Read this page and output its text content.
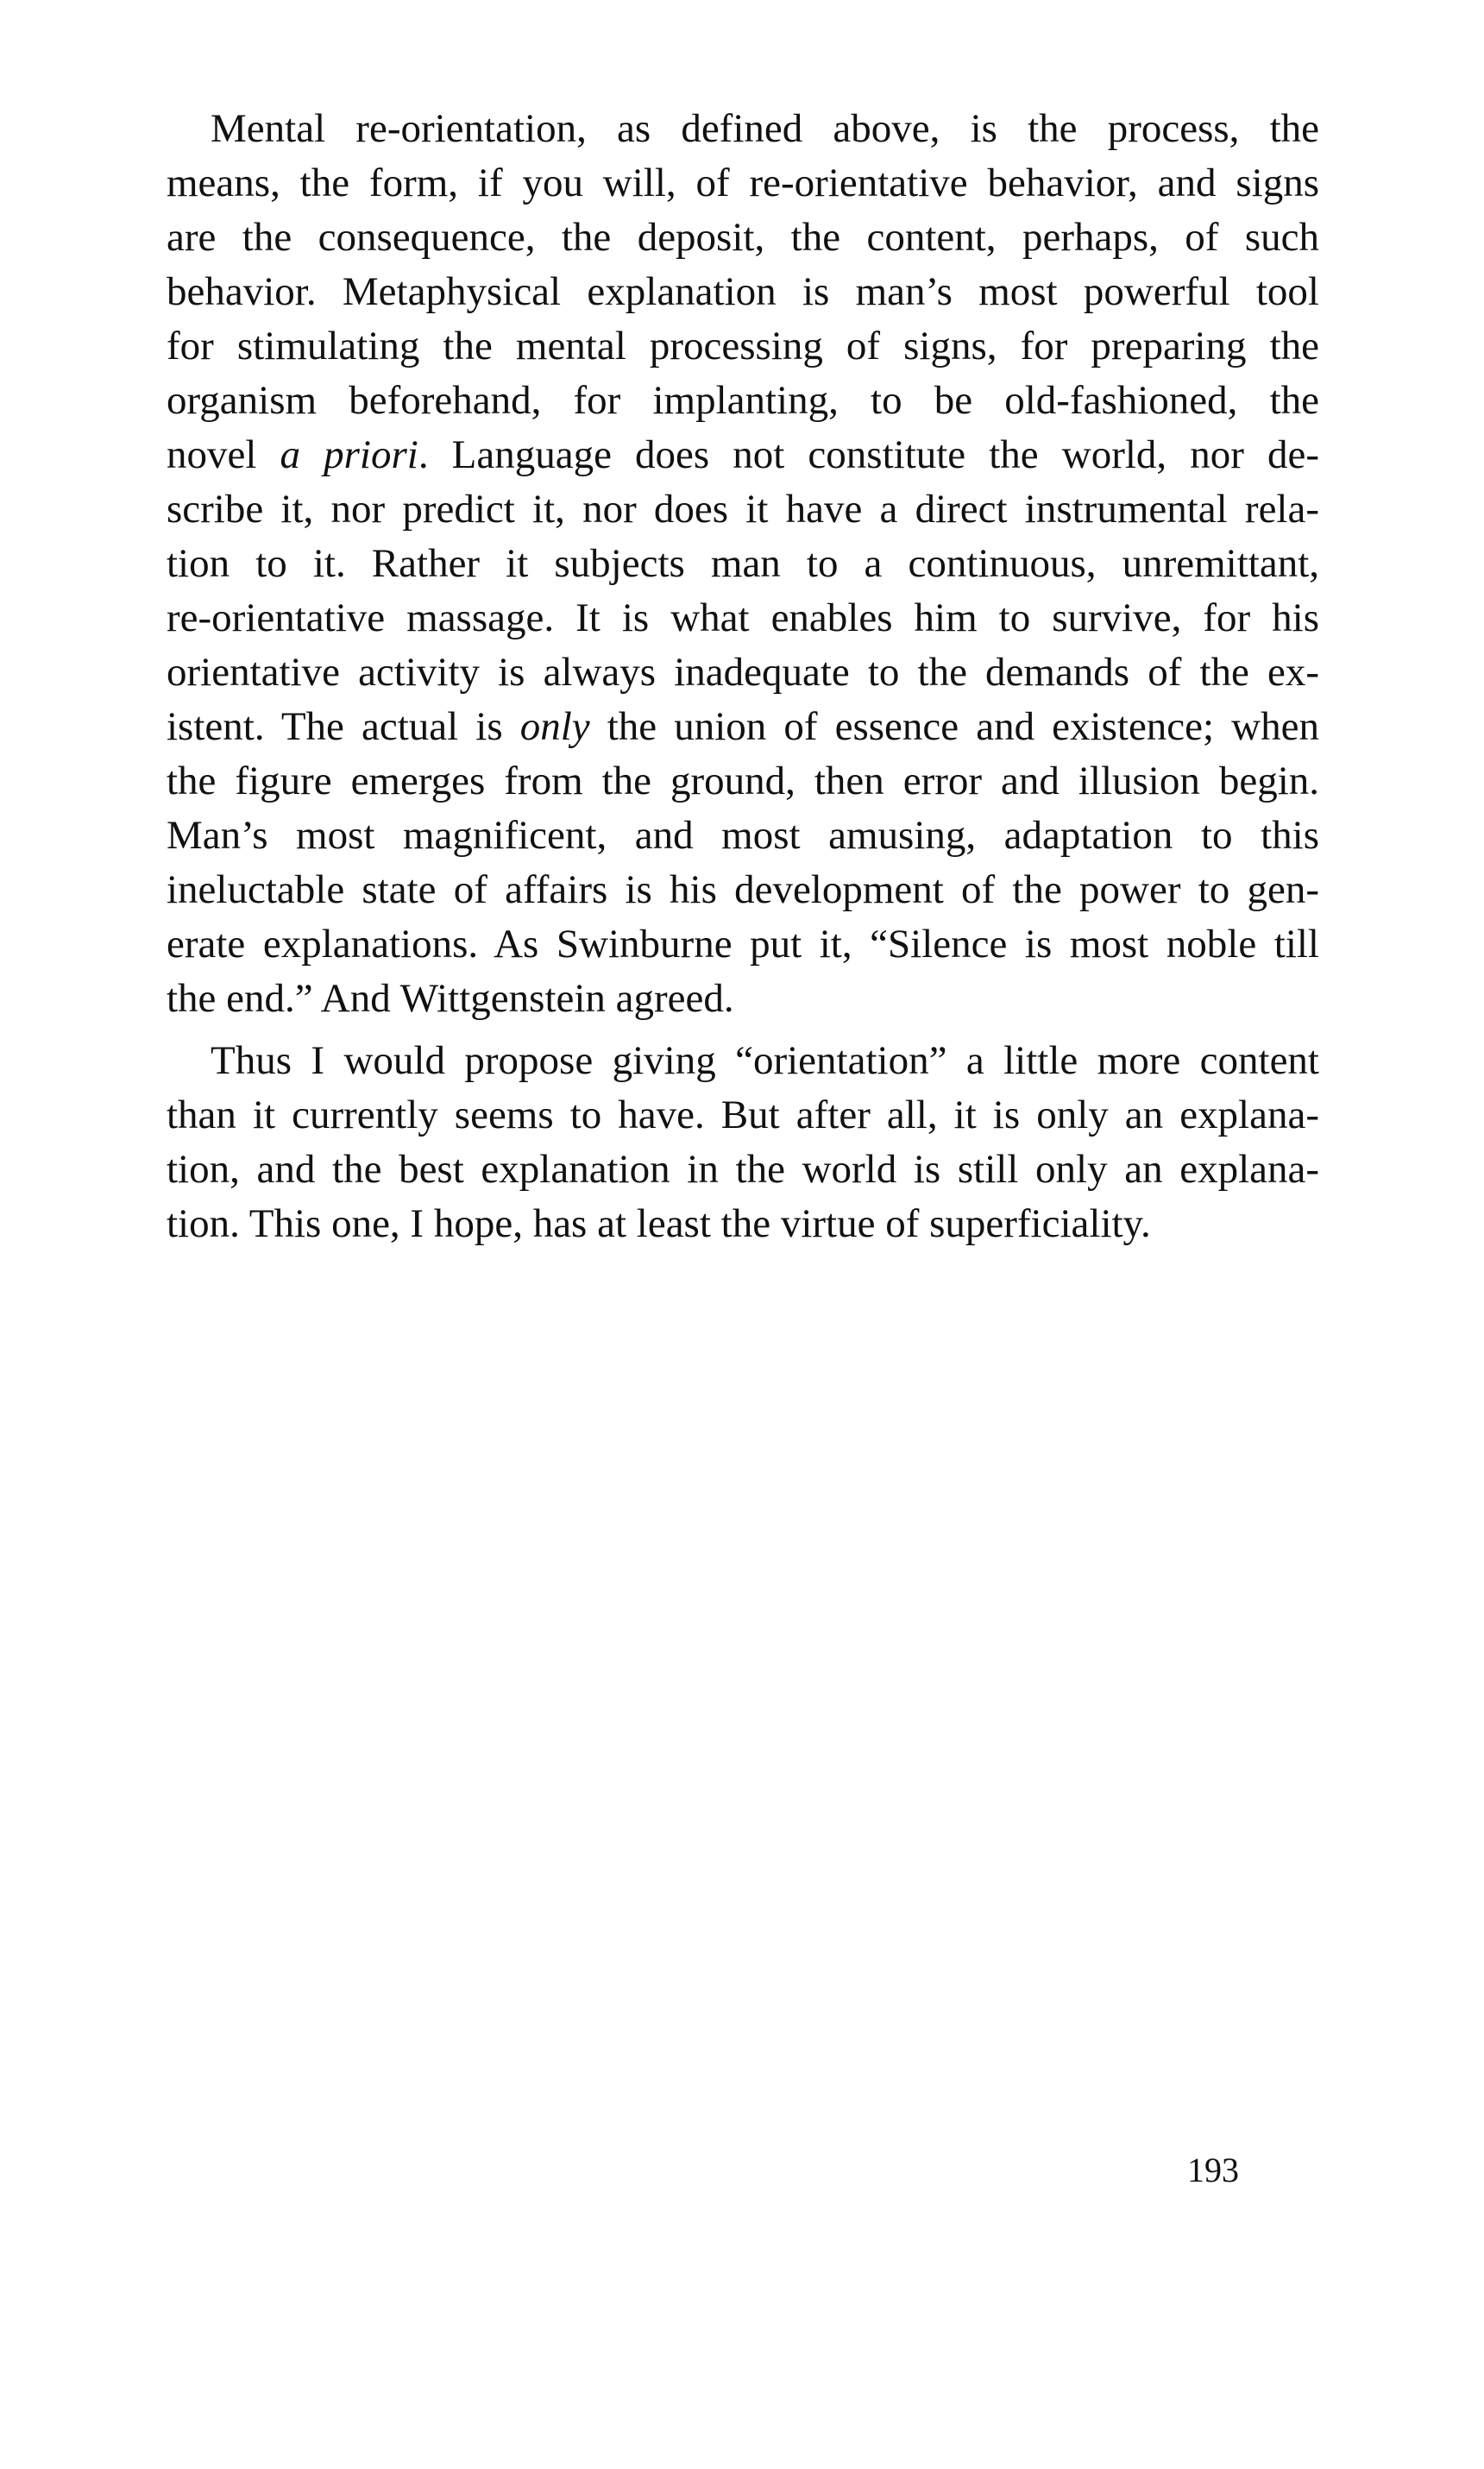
Mental re-orientation, as defined above, is the process, the
means, the form, if you will, of re-orientative behavior, and signs
are the consequence, the deposit, the content, perhaps, of such
behavior. Metaphysical explanation is man’s most powerful tool
for stimulating the mental processing of signs, for preparing the
organism beforehand, for implanting, to be old-fashioned, the
novel a priori. Language does not constitute the world, nor de-
scribe it, nor predict it, nor does it have a direct instrumental rela-
tion to it. Rather it subjects man to a continuous, unremittant,
re-orientative massage. It is what enables him to survive, for his
orientative activity is always inadequate to the demands of the ex-
istent. The actual is only the union of essence and existence; when
the figure emerges from the ground, then error and illusion begin.
Man’s most magnificent, and most amusing, adaptation to this
ineluctable state of affairs is his development of the power to gen-
erate explanations. As Swinburne put it, “Silence is most noble till
the end.” And Wittgenstein agreed.
Thus I would propose giving “orientation” a little more content
than it currently seems to have. But after all, it is only an explana-
tion, and the best explanation in the world is still only an explana-
tion. This one, I hope, has at least the virtue of superficiality.
193
